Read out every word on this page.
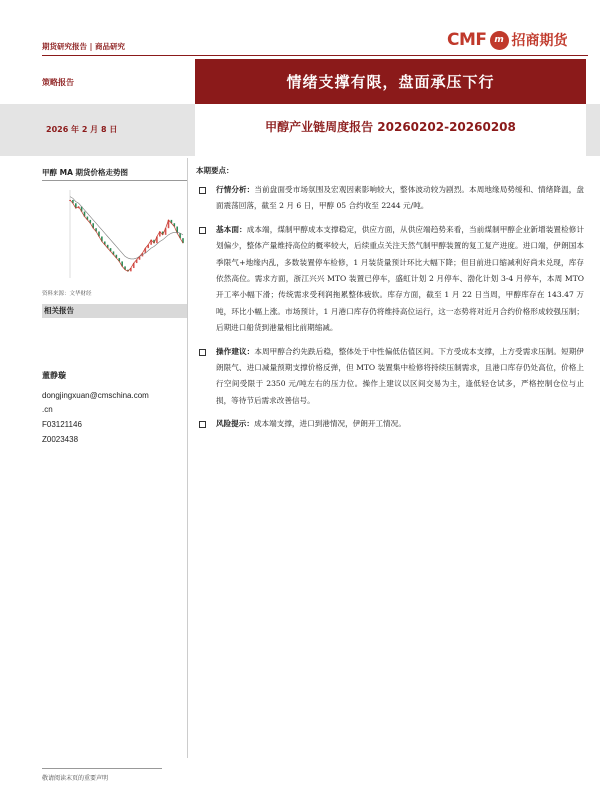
期货研究报告 | 商品研究	CMF m 招商期货
策略报告	情绪支撑有限，盘面承压下行
2026 年 2 月 8 日	甲醇产业链周度报告 20260202-20260208
甲醇 MA 期货价格走势图
资料来源：文华财经
相关报告
董静璇
dongjingxuan@cmschina.com
.cn
F03121146
Z0023438
本期要点：
行情分析：当前盘面受市场氛围及宏观因素影响较大，整体波动较为剧烈。本周地缘局势缓和、情绪降温，盘面震荡回落，截至 2 月 6 日，甲醇 05 合约收至 2244 元/吨。
基本面：成本端，煤制甲醇成本支撑稳定，供应方面，从供应端趋势来看，当前煤制甲醇企业新增装置检修计划偏少，整体产量维持高位的概率较大，后续重点关注天然气制甲醇装置的复工复产进度。进口端，伊朗国本季限气+地缘内乱，多数装置停车检修，1 月装货量预计环比大幅下降；但目前进口缩减利好尚未兑现，库存依然高位。需求方面，浙江兴兴 MTO 装置已停车，盛虹计划 2 月停车、渤化计划 3-4 月停车，本周 MTO 开工率小幅下滑；传统需求受利润拖累整体疲软。库存方面，截至 1 月 22 日当周，甲醇库存在 143.47 万吨，环比小幅上涨。市场预计，1 月港口库存仍将维持高位运行，这一态势将对近月合约价格形成较强压制；后期进口船货到港量相比前期缩减。
操作建议：本周甲醇合约先跌后稳，整体处于中性偏低估值区间。下方受成本支撑，上方受需求压制。短期伊朗限气、进口减量预期支撑价格反弹，但 MTO 装置集中检修将持续压制需求，且港口库存仍处高位，价格上行空间受限于 2350 元/吨左右的压力位。操作上建议以区间交易为主，逢低轻仓试多，严格控制仓位与止损，等待节后需求改善信号。
风险提示：成本端支撑，进口到港情况，伊朗开工情况。
敬请阅读末页的重要声明
